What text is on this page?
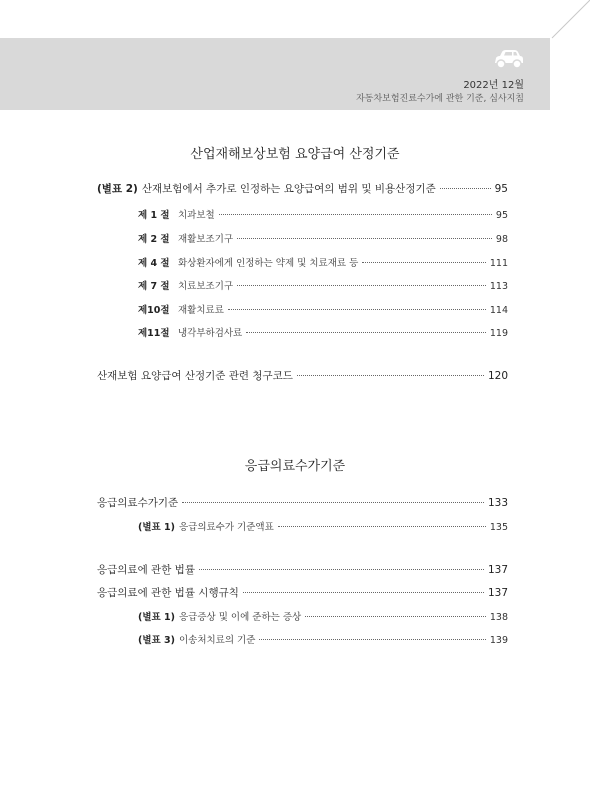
2022년 12월
자동차보험진료수가에 관한 기준, 심사지침
산업재해보상보험 요양급여 산정기준
(별표 2) 산재보험에서 추가로 인정하는 요양급여의 범위 및 비용산정기준	95
제 1 절 치과보철	95
제 2 절 재활보조기구	98
제 4 절 화상환자에게 인정하는 약제 및 치료재료 등	111
제 7 절 치료보조기구	113
제10절 재활치료료	114
제11절 냉각부하검사료	119
산재보험 요양급여 산정기준 관련 청구코드	120
응급의료수가기준
응급의료수가기준	133
(별표 1) 응급의료수가 기준액표	135
응급의료에 관한 법률	137
응급의료에 관한 법률 시행규칙	137
(별표 1) 응급증상 및 이에 준하는 증상	138
(별표 3) 이송처치료의 기준	139
